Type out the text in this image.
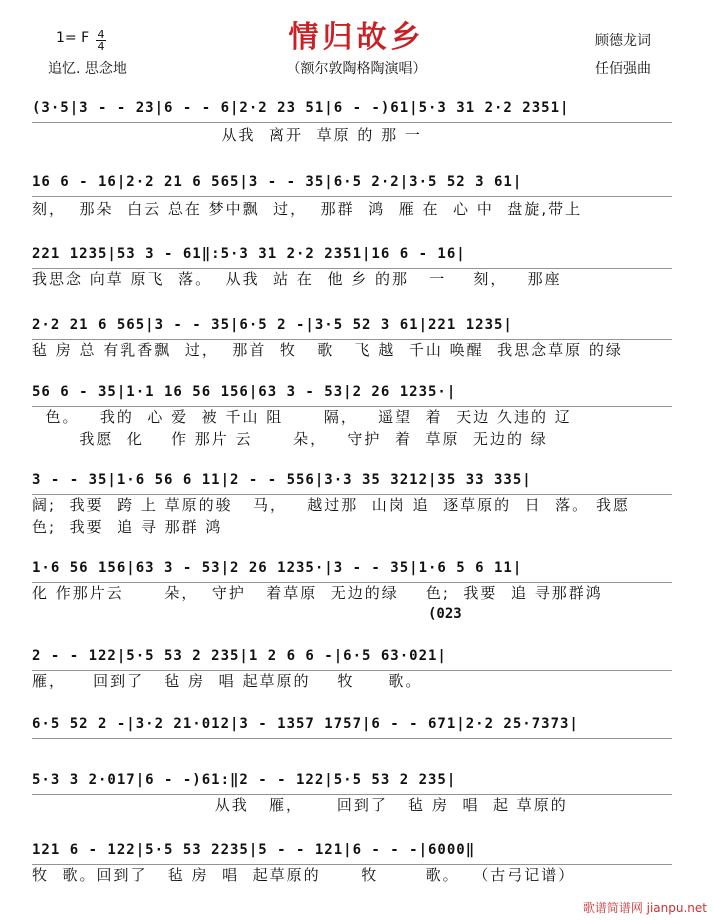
情归故乡
1= F 4
4
追忆. 思念地	（额尔敦陶格陶演唱）
顾德龙词
任佰强曲
(3·5|3 - - 23|6 - - 6|2·2 23 51|6 - -)61|5·3 31 2·2 2351|
从我  离开  草原 的 那 一
16 6 - 16|2·2 21 6 565|3 - - 35|6·5 2·2|3·5 52 3 61|
刻，  那朵  白云 总在 梦中飘  过，  那群  鸿  雁 在  心 中  盘旋,带上
221 1235|53 3 - 61‖:5·3 31 2·2 2351|16 6 - 16|
我思念 向草 原飞  落。  从我  站 在  他 乡 的那   一    刻，   那座
2·2 21 6 565|3 - - 35|6·5 2 -|3·5 52 3 61|221 1235|
毡 房 总 有乳香飘  过，  那首  牧   歌   飞 越  千山 唤醒  我思念草原 的绿
56 6 - 35|1·1 16 56 156|63 3 - 53|2 26 1235·|
色。   我的  心 爱  被 千山 阻      隔，   遥望  着  天边 久违的 辽
我愿  化    作 那片 云      朵，   守护  着  草原  无边的 绿
3 - - 35|1·6 56 6 11|2 - - 556|3·3 35 3212|35 33 335|
阔;  我要  跨 上 草原的骏   马，   越过那  山岗 追  逐草原的  日  落。 我愿
色;  我要  追 寻 那群 鸿
1·6 56 156|63 3 - 53|2 26 1235·|3 - - 35|1·6 5 6 11|
化 作那片云      朵，  守护   着草原  无边的绿    色;  我要  追 寻那群鸿
(023
2 - - 122|5·5 53 2 235|1 2 6 6 -|6·5 63·021|
雁，    回到了   毡 房  唱 起草原的    牧     歌。
6·5 52 2 -|3·2 21·012|3 - 1357 1757|6 - - 671|2·2 25·7373|
5·3 3 2·017|6 - -)61:‖2 - - 122|5·5 53 2 235|
从我   雁，     回到了   毡 房  唱  起 草原的
121 6 - 122|5·5 53 2235|5 - - 121|6 - - -|6000‖
牧  歌。回到了   毡 房  唱  起草原的      牧       歌。  （古弓记谱）
歌谱简谱网 jianpu.net
